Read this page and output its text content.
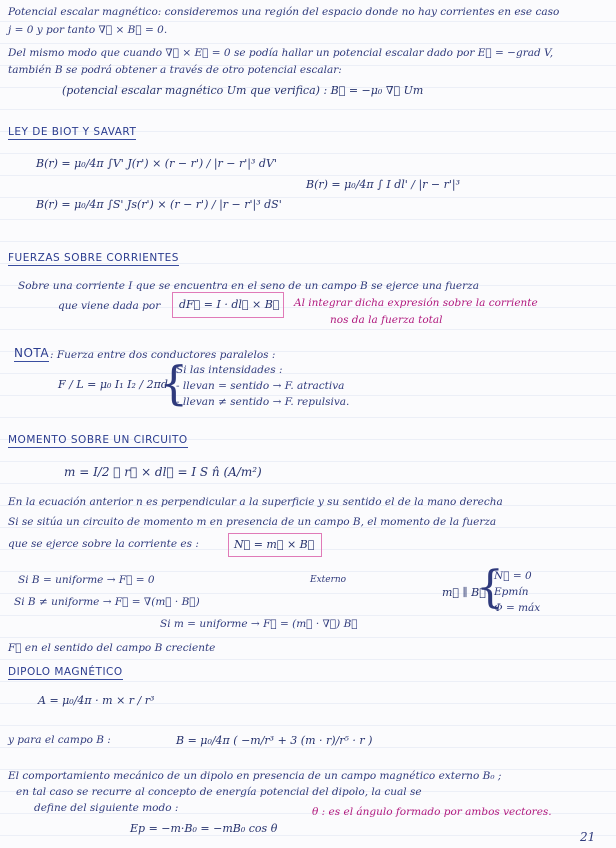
Potencial escalar magnético: consideremos una región del espacio donde no hay corrientes en ese caso
j = 0 y por tanto ∇⃗ × B⃗ = 0.
Del mismo modo que cuando ∇⃗ × E⃗ = 0 se podía hallar un potencial escalar dado por E⃗ = −grad V,
también B se podrá obtener a través de otro potencial escalar:
(potencial escalar magnético Um que verifica) : B⃗ = −μ₀ ∇⃗ Um
LEY DE BIOT Y SAVART
B(r) = μ₀/4π ∫V' J(r') × (r − r') / |r − r'|³ dV'
B(r) = μ₀/4π ∫S' Js(r') × (r − r') / |r − r'|³ dS'
B(r) = μ₀/4π ∫ I dl' / |r − r'|³
FUERZAS SOBRE CORRIENTES
Sobre una corriente I que se encuentra en el seno de un campo B se ejerce una fuerza
que viene dada por dF⃗ = I · dl⃗ × B⃗ Al integrar dicha expresión sobre la corriente
nos da la fuerza total
NOTA : Fuerza entre dos conductores paralelos :
F / L = μ₀ I₁ I₂ / 2πd
{
Si las intensidades :
- llevan = sentido → F. atractiva
- llevan ≠ sentido → F. repulsiva.
MOMENTO SOBRE UN CIRCUITO
m = I/2 ∮ r⃗ × dl⃗ = I S n̂ (A/m²)
En la ecuación anterior n es perpendicular a la superficie y su sentido el de la mano derecha
Si se sitúa un circuito de momento m en presencia de un campo B, el momento de la fuerza
que se ejerce sobre la corriente es :	N⃗ = m⃗ × B⃗
Externo
Si B = uniforme → F⃗ = 0
Si B ≠ uniforme → F⃗ = ∇(m⃗ · B⃗)
Si m = uniforme → F⃗ = (m⃗ · ∇⃗) B⃗
m⃗ ∥ B⃗
{
N⃗ = 0
Epmín
Φ = máx
F⃗ en el sentido del campo B creciente
DIPOLO MAGNÉTICO
A = μ₀/4π · m × r / r³
y para el campo B :	B = μ₀/4π ( −m/r³ + 3 (m · r)/r⁵ · r )
El comportamiento mecánico de un dipolo en presencia de un campo magnético externo B₀ ;
en tal caso se recurre al concepto de energía potencial del dipolo, la cual se
define del siguiente modo :	θ : es el ángulo formado por ambos vectores.
Ep = −m·B₀ = −mB₀ cos θ
21
